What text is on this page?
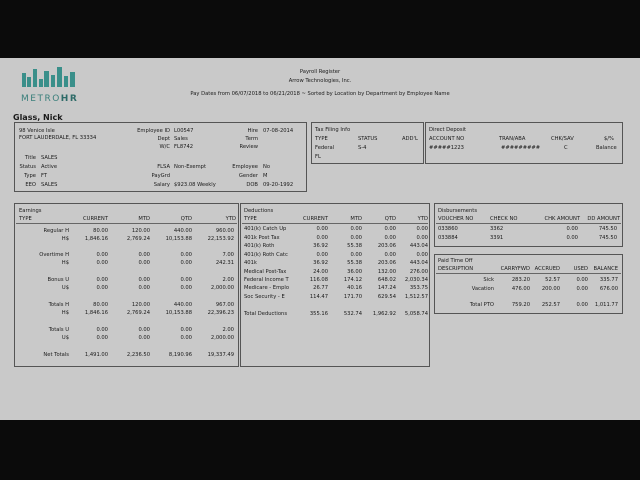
METROHR
Payroll Register
Arrow Technologies, Inc.
Pay Dates from 06/07/2018 to 06/21/2018 ~ Sorted by Location by Department by Employee Name
Glass, Nick
98 Venice Isle
FORT LAUDERDALE, FL 33334
Employee ID L00547
Dept Sales
W/C FL8742
Hire 07-08-2014
Term
Review
Title SALES
Status Active
Type FT
EEO SALES
FLSA Non-Exempt
PayGrd
Salary $923.08 Weekly
Employee No
Gender M
DOB 09-20-1992
Tax Filing Info
TYPE	STATUS	ADD'L
Federal	S-4
FL
Direct Deposit
ACCOUNT NO	TRAN/ABA	CHK/SAV	$/%
#####1223	#########	C	Balance
Earnings
TYPE	CURRENT	MTD	QTD	YTD
Regular H	80.00	120.00	440.00	960.00
H$	1,846.16	2,769.24	10,153.88	22,153.92
Overtime H	0.00	0.00	0.00	7.00
H$	0.00	0.00	0.00	242.31
Bonus U	0.00	0.00	0.00	2.00
U$	0.00	0.00	0.00	2,000.00
Totals H	80.00	120.00	440.00	967.00
H$	1,846.16	2,769.24	10,153.88	22,396.23
Totals U	0.00	0.00	0.00	2.00
U$	0.00	0.00	0.00	2,000.00
Net Totals	1,491.00	2,236.50	8,190.96	19,337.49
Deductions
TYPE	CURRENT	MTD	QTD	YTD
401(k) Catch Up	0.00	0.00	0.00	0.00
401k Post Tax	0.00	0.00	0.00	0.00
401(k) Roth	36.92	55.38	203.06	443.04
401(k) Roth Catc	0.00	0.00	0.00	0.00
401k	36.92	55.38	203.06	443.04
Medical Post-Tax	24.00	36.00	132.00	276.00
Federal Income T	116.08	174.12	648.02	2,030.34
Medicare - Emplo	26.77	40.16	147.24	353.75
Soc Security - E	114.47	171.70	629.54	1,512.57
Total Deductions	355.16	532.74	1,962.92	5,058.74
Disbursements
VOUCHER NO	CHECK NO	CHK AMOUNT	DD AMOUNT
033860	3362	0.00	745.50
033884	3391	0.00	745.50
Paid Time Off
DESCRIPTION	CARRYFWD ACCRUED	USED	BALANCE
Sick	283.20	52.57	0.00	335.77
Vacation	476.00	200.00	0.00	676.00
Total PTO	759.20	252.57	0.00	1,011.77
